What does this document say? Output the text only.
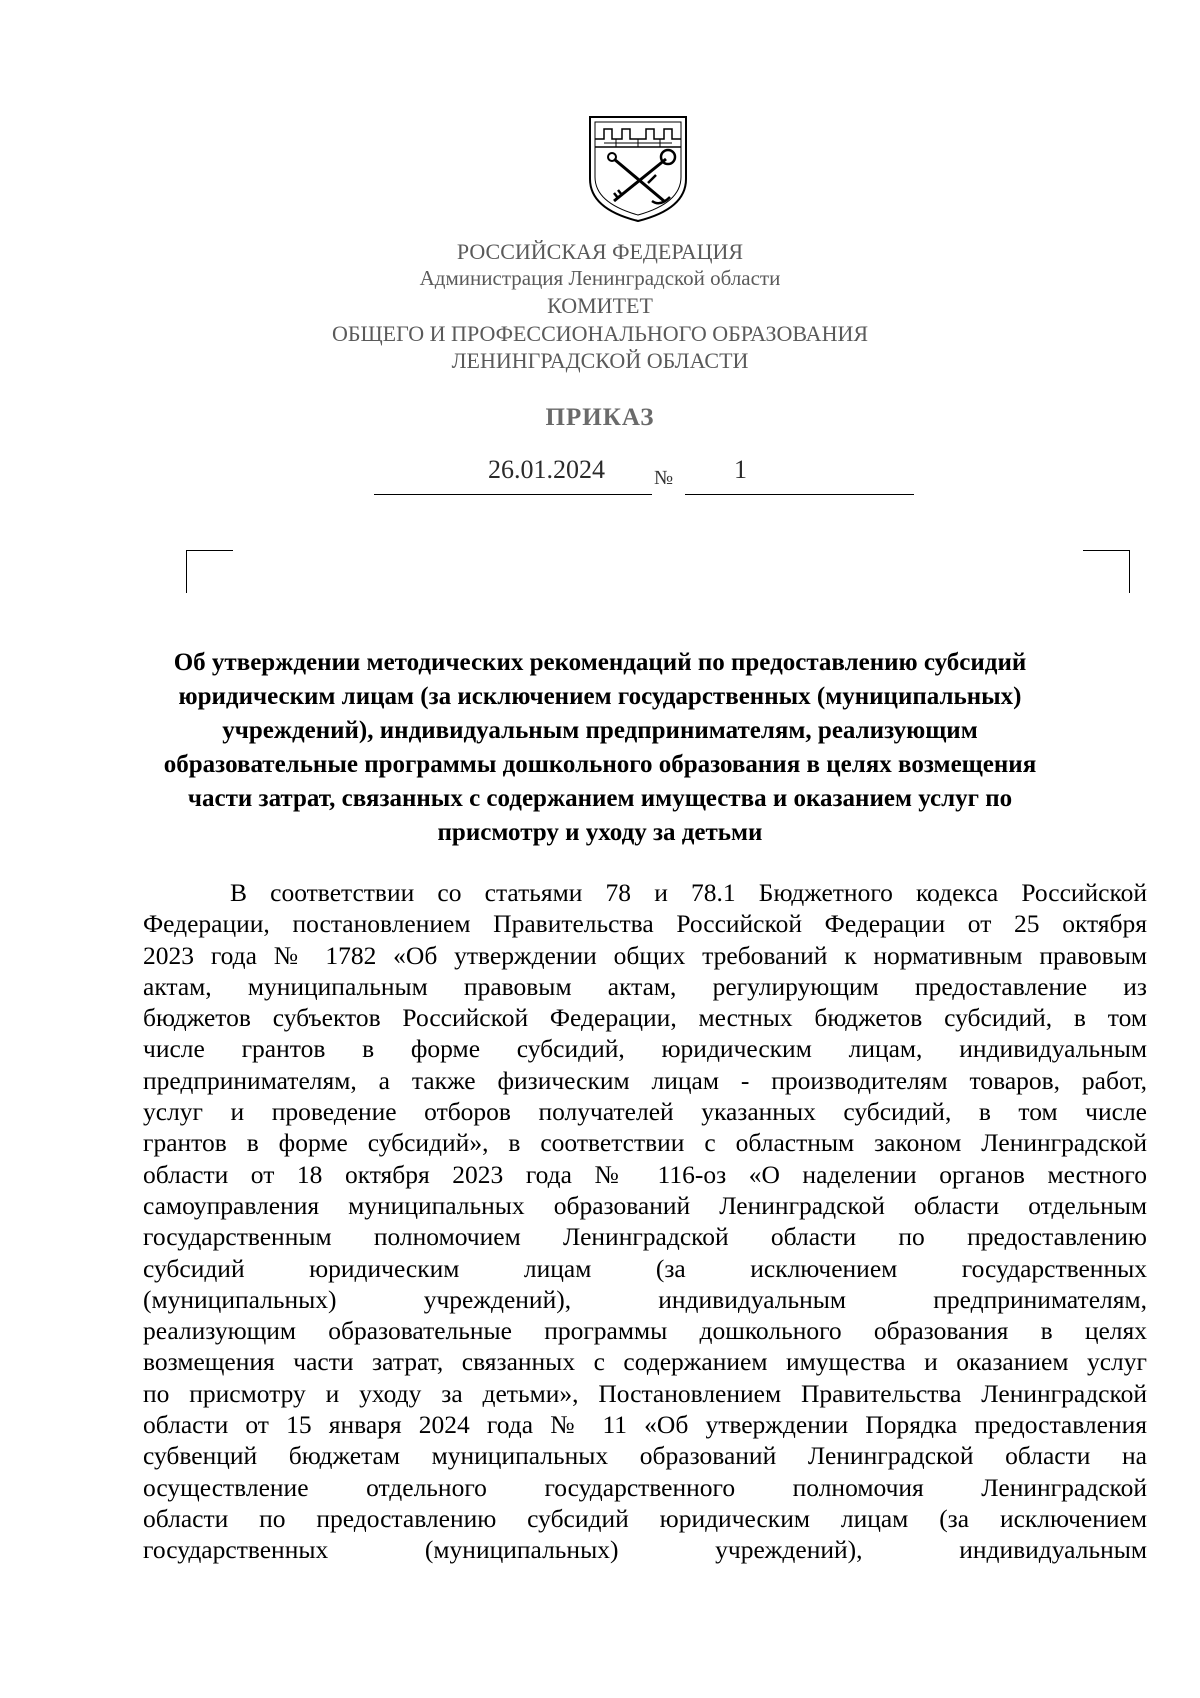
РОССИЙСКАЯ ФЕДЕРАЦИЯ
Администрация Ленинградской области
КОМИТЕТ
ОБЩЕГО И ПРОФЕССИОНАЛЬНОГО ОБРАЗОВАНИЯ
ЛЕНИНГРАДСКОЙ ОБЛАСТИ
ПРИКАЗ
26.01.2024 № 1
Об утверждении методических рекомендаций по предоставлению субсидий
юридическим лицам (за исключением государственных (муниципальных)
учреждений), индивидуальным предпринимателям, реализующим
образовательные программы дошкольного образования в целях возмещения
части затрат, связанных с содержанием имущества и оказанием услуг по
присмотру и уходу за детьми
В соответствии со статьями 78 и 78.1 Бюджетного кодекса Российской
Федерации, постановлением Правительства Российской Федерации от 25 октября
2023 года № 1782 «Об утверждении общих требований к нормативным правовым
актам, муниципальным правовым актам, регулирующим предоставление из
бюджетов субъектов Российской Федерации, местных бюджетов субсидий, в том
числе грантов в форме субсидий, юридическим лицам, индивидуальным
предпринимателям, а также физическим лицам - производителям товаров, работ,
услуг и проведение отборов получателей указанных субсидий, в том числе
грантов в форме субсидий», в соответствии с областным законом Ленинградской
области от 18 октября 2023 года № 116-оз «О наделении органов местного
самоуправления муниципальных образований Ленинградской области отдельным
государственным полномочием Ленинградской области по предоставлению
субсидий юридическим лицам (за исключением государственных
(муниципальных) учреждений), индивидуальным предпринимателям,
реализующим образовательные программы дошкольного образования в целях
возмещения части затрат, связанных с содержанием имущества и оказанием услуг
по присмотру и уходу за детьми», Постановлением Правительства Ленинградской
области от 15 января 2024 года № 11 «Об утверждении Порядка предоставления
субвенций бюджетам муниципальных образований Ленинградской области на
осуществление отдельного государственного полномочия Ленинградской
области по предоставлению субсидий юридическим лицам (за исключением
государственных (муниципальных) учреждений), индивидуальным
